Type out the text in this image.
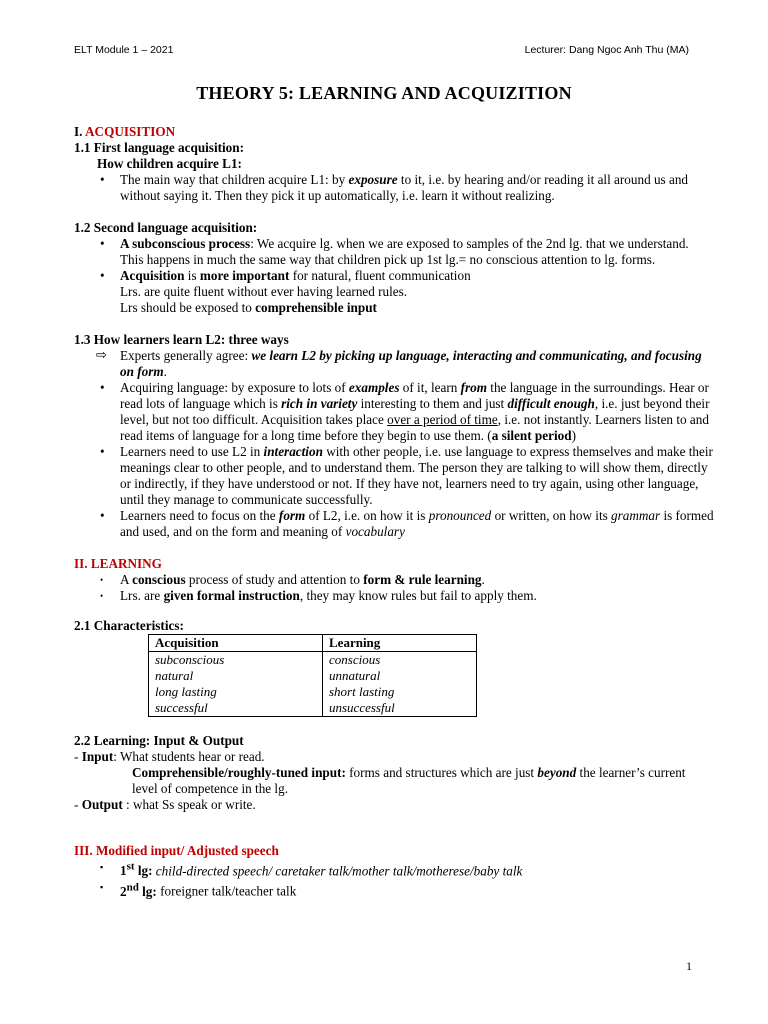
ELT Module 1 – 2021	Lecturer: Dang Ngoc Anh Thu (MA)
THEORY 5: LEARNING AND ACQUIZITION

I. ACQUISITION

1.1 First language acquisition:

How children acquire L1:

• The main way that children acquire L1: by exposure to it, i.e. by hearing and/or reading it all around us and without saying it. Then they pick it up automatically, i.e. learn it without realizing.

1.2 Second language acquisition:

• A subconscious process: We acquire lg. when we are exposed to samples of the 2nd lg. that we understand. This happens in much the same way that children pick up 1st lg.= no conscious attention to lg. forms.
• Acquisition is more important for natural, fluent communication
Lrs. are quite fluent without ever having learned rules.
Lrs should be exposed to comprehensible input

1.3 How learners learn L2: three ways

⇨ Experts generally agree: we learn L2 by picking up language, interacting and communicating, and focusing on form.
• Acquiring language: by exposure to lots of examples of it, learn from the language in the surroundings. Hear or read lots of language which is rich in variety interesting to them and just difficult enough, i.e. just beyond their level, but not too difficult. Acquisition takes place over a period of time, i.e. not instantly. Learners listen to and read items of language for a long time before they begin to use them. (a silent period)
• Learners need to use L2 in interaction with other people, i.e. use language to express themselves and make their meanings clear to other people, and to understand them. The person they are talking to will show them, directly or indirectly, if they have understood or not. If they have not, learners need to try again, using other language, until they manage to communicate successfully.
• Learners need to focus on the form of L2, i.e. on how it is pronounced or written, on how its grammar is formed and used, and on the form and meaning of vocabulary

II. LEARNING

• A conscious process of study and attention to form & rule learning.
• Lrs. are given formal instruction, they may know rules but fail to apply them.

2.1 Characteristics:

Acquisition	Learning
subconscious	conscious
natural	unnatural
long lasting	short lasting
successful	unsuccessful

2.2 Learning: Input & Output

- Input: What students hear or read.

Comprehensible/roughly-tuned input: forms and structures which are just beyond the learner’s current level of competence in the lg.

- Output : what Ss speak or write.

III. Modified input/ Adjusted speech

▪ 1st lg: child-directed speech/ caretaker talk/mother talk/motherese/baby talk
▪ 2nd lg: foreigner talk/teacher talk
1
